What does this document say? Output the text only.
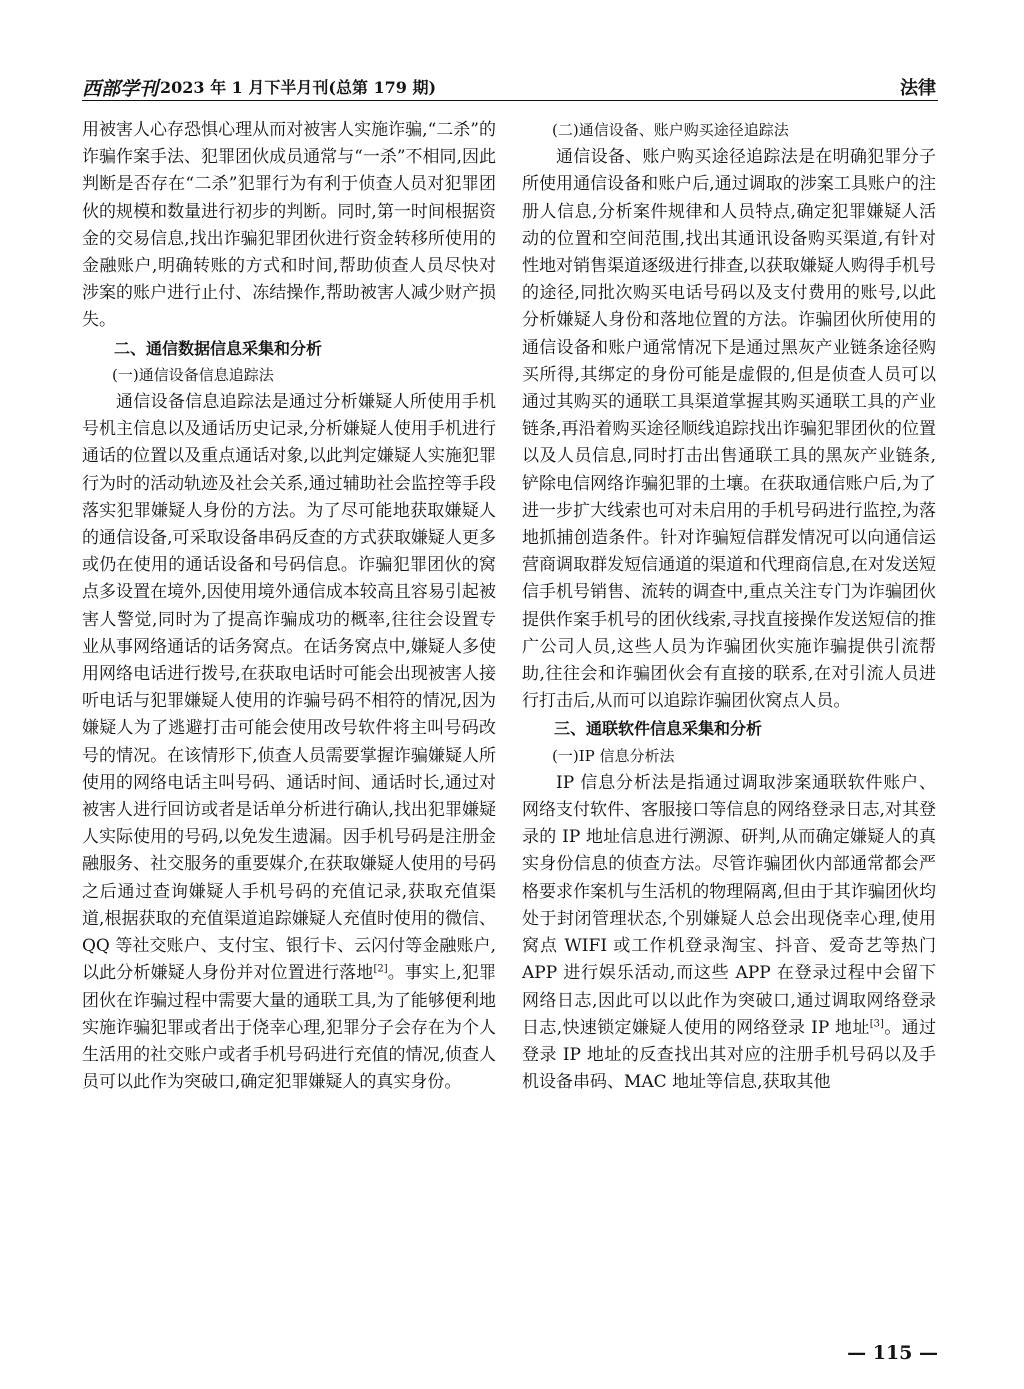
西部学刊 2023 年 1 月下半月刊(总第 179 期)	法律

用被害人心存恐惧心理从而对被害人实施诈骗,“二杀”的诈骗作案手法、犯罪团伙成员通常与“一杀”不相同,因此判断是否存在“二杀”犯罪行为有利于侦查人员对犯罪团伙的规模和数量进行初步的判断。同时,第一时间根据资金的交易信息,找出诈骗犯罪团伙进行资金转移所使用的金融账户,明确转账的方式和时间,帮助侦查人员尽快对涉案的账户进行止付、冻结操作,帮助被害人减少财产损失。

二、通信数据信息采集和分析
(一)通信设备信息追踪法

通信设备信息追踪法是通过分析嫌疑人所使用手机号机主信息以及通话历史记录,分析嫌疑人使用手机进行通话的位置以及重点通话对象,以此判定嫌疑人实施犯罪行为时的活动轨迹及社会关系,通过辅助社会监控等手段落实犯罪嫌疑人身份的方法。为了尽可能地获取嫌疑人的通信设备,可采取设备串码反查的方式获取嫌疑人更多或仍在使用的通话设备和号码信息。诈骗犯罪团伙的窝点多设置在境外,因使用境外通信成本较高且容易引起被害人警觉,同时为了提高诈骗成功的概率,往往会设置专业从事网络通话的话务窝点。在话务窝点中,嫌疑人多使用网络电话进行拨号,在获取电话时可能会出现被害人接听电话与犯罪嫌疑人使用的诈骗号码不相符的情况,因为嫌疑人为了逃避打击可能会使用改号软件将主叫号码改号的情况。在该情形下,侦查人员需要掌握诈骗嫌疑人所使用的网络电话主叫号码、通话时间、通话时长,通过对被害人进行回访或者是话单分析进行确认,找出犯罪嫌疑人实际使用的号码,以免发生遗漏。因手机号码是注册金融服务、社交服务的重要媒介,在获取嫌疑人使用的号码之后通过查询嫌疑人手机号码的充值记录,获取充值渠道,根据获取的充值渠道追踪嫌疑人充值时使用的微信、QQ 等社交账户、支付宝、银行卡、云闪付等金融账户,以此分析嫌疑人身份并对位置进行落地[2]。事实上,犯罪团伙在诈骗过程中需要大量的通联工具,为了能够便利地实施诈骗犯罪或者出于侥幸心理,犯罪分子会存在为个人生活用的社交账户或者手机号码进行充值的情况,侦查人员可以此作为突破口,确定犯罪嫌疑人的真实身份。

(二)通信设备、账户购买途径追踪法

通信设备、账户购买途径追踪法是在明确犯罪分子所使用通信设备和账户后,通过调取的涉案工具账户的注册人信息,分析案件规律和人员特点,确定犯罪嫌疑人活动的位置和空间范围,找出其通讯设备购买渠道,有针对性地对销售渠道逐级进行排查,以获取嫌疑人购得手机号的途径,同批次购买电话号码以及支付费用的账号,以此分析嫌疑人身份和落地位置的方法。诈骗团伙所使用的通信设备和账户通常情况下是通过黑灰产业链条途径购买所得,其绑定的身份可能是虚假的,但是侦查人员可以通过其购买的通联工具渠道掌握其购买通联工具的产业链条,再沿着购买途径顺线追踪找出诈骗犯罪团伙的位置以及人员信息,同时打击出售通联工具的黑灰产业链条,铲除电信网络诈骗犯罪的土壤。在获取通信账户后,为了进一步扩大线索也可对未启用的手机号码进行监控,为落地抓捕创造条件。针对诈骗短信群发情况可以向通信运营商调取群发短信通道的渠道和代理商信息,在对发送短信手机号销售、流转的调查中,重点关注专门为诈骗团伙提供作案手机号的团伙线索,寻找直接操作发送短信的推广公司人员,这些人员为诈骗团伙实施诈骗提供引流帮助,往往会和诈骗团伙会有直接的联系,在对引流人员进行打击后,从而可以追踪诈骗团伙窝点人员。

三、通联软件信息采集和分析
(一)IP 信息分析法

IP 信息分析法是指通过调取涉案通联软件账户、网络支付软件、客服接口等信息的网络登录日志,对其登录的 IP 地址信息进行溯源、研判,从而确定嫌疑人的真实身份信息的侦查方法。尽管诈骗团伙内部通常都会严格要求作案机与生活机的物理隔离,但由于其诈骗团伙均处于封闭管理状态,个别嫌疑人总会出现侥幸心理,使用窝点 WIFI 或工作机登录淘宝、抖音、爱奇艺等热门 APP 进行娱乐活动,而这些 APP 在登录过程中会留下网络日志,因此可以以此作为突破口,通过调取网络登录日志,快速锁定嫌疑人使用的网络登录 IP 地址[3]。通过登录 IP 地址的反查找出其对应的注册手机号码以及手机设备串码、MAC 地址等信息,获取其他

— 115 —
